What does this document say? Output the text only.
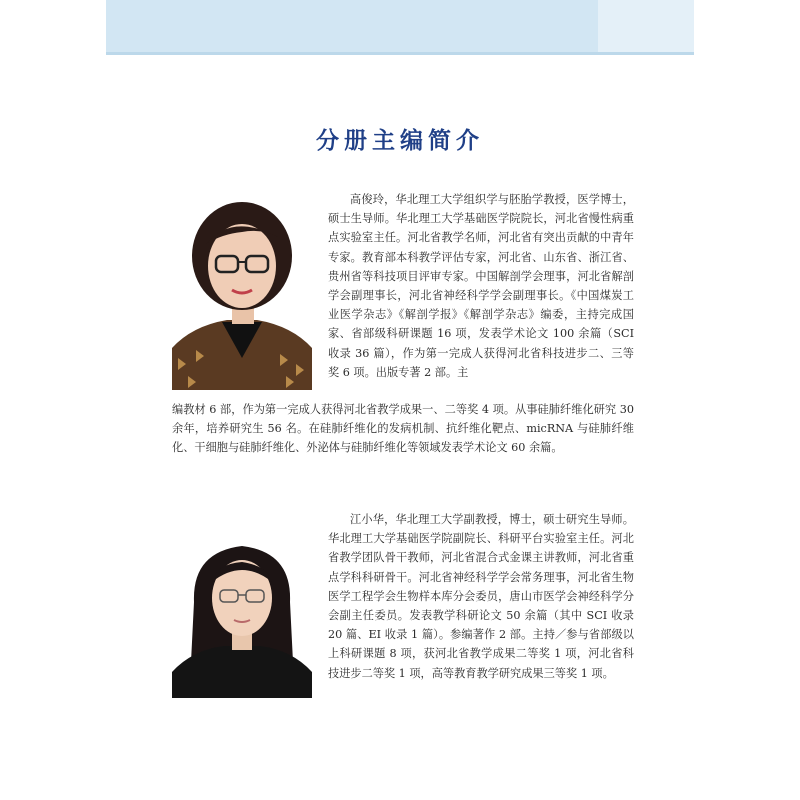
分册主编简介

高俊玲，华北理工大学组织学与胚胎学教授，医学博士，硕士生导师。华北理工大学基础医学院院长，河北省慢性病重点实验室主任。河北省教学名师，河北省有突出贡献的中青年专家。教育部本科教学评估专家，河北省、山东省、浙江省、贵州省等科技项目评审专家。中国解剖学会理事，河北省解剖学会副理事长，河北省神经科学学会副理事长。《中国煤炭工业医学杂志》《解剖学报》《解剖学杂志》编委，主持完成国家、省部级科研课题 16 项，发表学术论文 100 余篇（SCI 收录 36 篇），作为第一完成人获得河北省科技进步二、三等奖 6 项。出版专著 2 部。主

编教材 6 部，作为第一完成人获得河北省教学成果一、二等奖 4 项。从事硅肺纤维化研究 30 余年，培养研究生 56 名。在硅肺纤维化的发病机制、抗纤维化靶点、micRNA 与硅肺纤维化、干细胞与硅肺纤维化、外泌体与硅肺纤维化等领域发表学术论文 60 余篇。

江小华，华北理工大学副教授，博士，硕士研究生导师。华北理工大学基础医学院副院长、科研平台实验室主任。河北省教学团队骨干教师，河北省混合式金课主讲教师，河北省重点学科科研骨干。河北省神经科学学会常务理事，河北省生物医学工程学会生物样本库分会委员，唐山市医学会神经科学分会副主任委员。发表教学科研论文 50 余篇（其中 SCI 收录 20 篇、EI 收录 1 篇）。参编著作 2 部。主持／参与省部级以上科研课题 8 项，获河北省教学成果二等奖 1 项，河北省科技进步二等奖 1 项，高等教育教学研究成果三等奖 1 项。
